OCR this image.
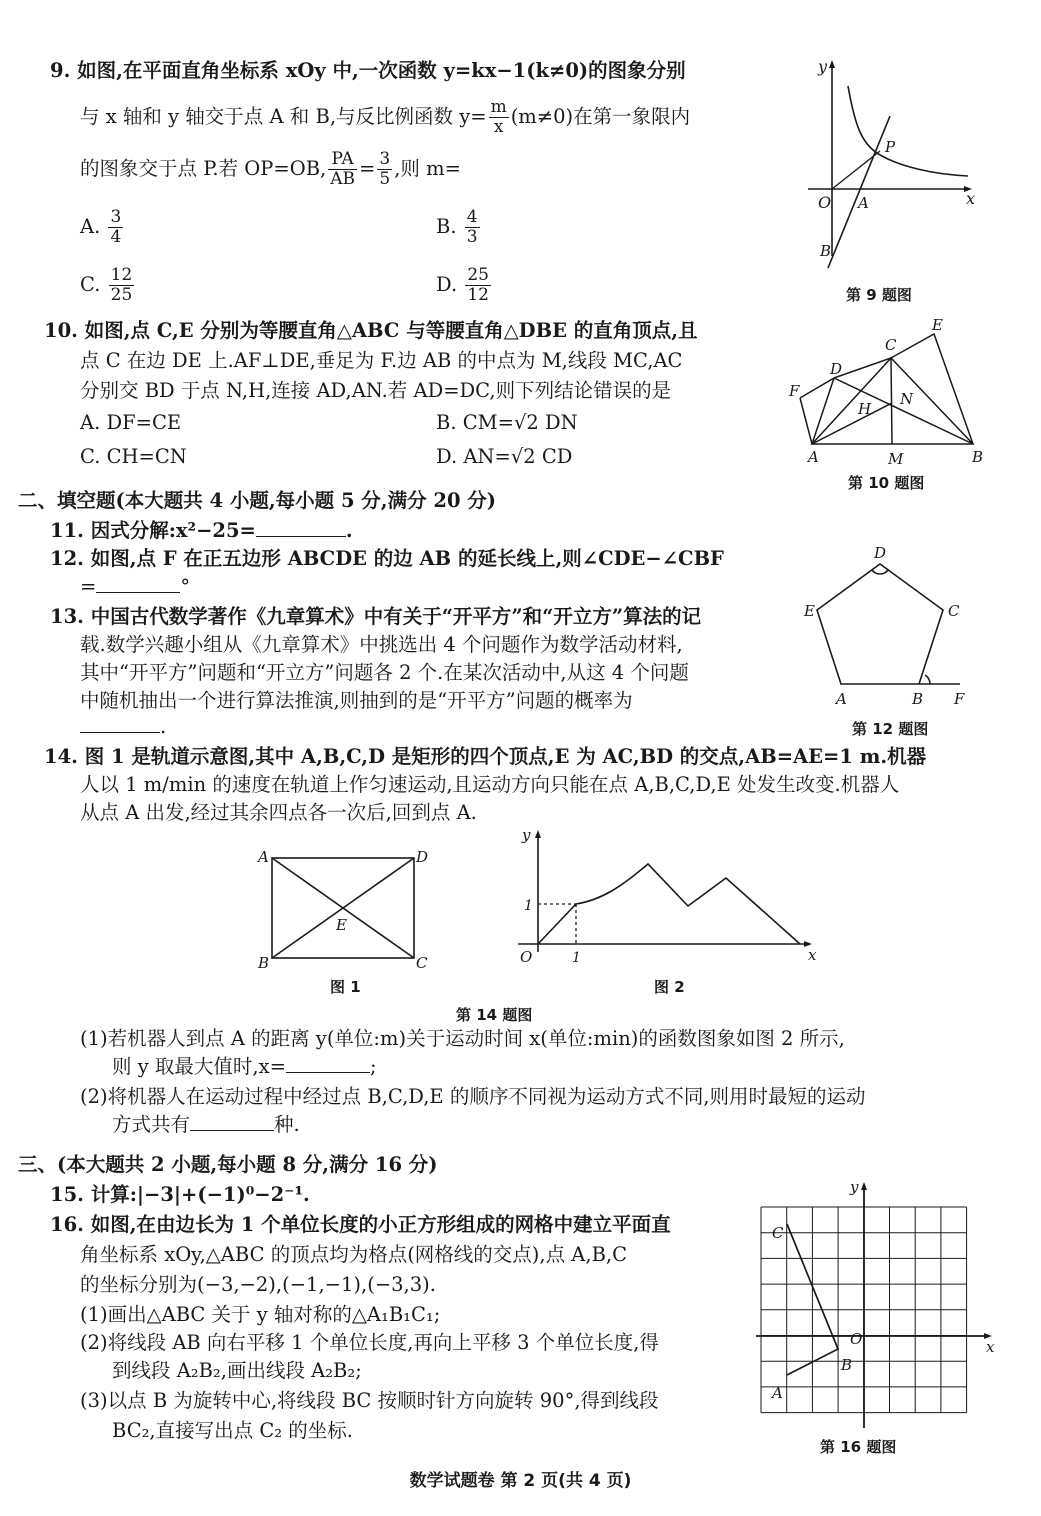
9. 如图,在平面直角坐标系 xOy 中,一次函数 y=kx−1(k≠0)的图象分别
与 x 轴和 y 轴交于点 A 和 B,与反比例函数 $y= \frac{m}{x} (m\ne 0)$在第一象限内
的图象交于点 P.若 OP=OB, $\frac{PA}{AB} = \frac{3}{5}$ ,则 m=
A. $\frac{3}{4}$	B. $\frac{4}{3}$
C. $\frac{12}{25}$	D. $\frac{25}{12}$
y
x
O A
B
P
第 9 题图
10. 如图,点 C,E 分别为等腰直角△ABC 与等腰直角△DBE 的直角顶点,且
点 C 在边 DE 上.AF⊥DE,垂足为 F.边 AB 的中点为 M,线段 MC,AC
分别交 BD 于点 N,H,连接 AD,AN.若 AD=DC,则下列结论错误的是
A. DF=CE	B. CM=√2 DN
C. CH=CN	D. AN=√2 CD	A	B
C
D
E
F
H
N
M
第 10 题图
二、填空题(本大题共 4 小题,每小题 5 分,满分 20 分)
11. 因式分解:x²−25=	.
12. 如图,点 F 在正五边形 ABCDE 的边 AB 的延长线上,则∠CDE−∠CBF
=	°
D
C
E
A	B F
第 12 题图
13. 中国古代数学著作《九章算术》中有关于“开平方”和“开立方”算法的记
载.数学兴趣小组从《九章算术》中挑选出 4 个问题作为数学活动材料,
其中“开平方”问题和“开立方”问题各 2 个.在某次活动中,从这 4 个问题
中随机抽出一个进行算法推演,则抽到的是“开平方”问题的概率为
.
14. 图 1 是轨道示意图,其中 A,B,C,D 是矩形的四个顶点,E 为 AC,BD 的交点,AB=AE=1 m.机器
人以 1 m/min 的速度在轨道上作匀速运动,且运动方向只能在点 A,B,C,D,E 处发生改变.机器人
从点 A 出发,经过其余四点各一次后,回到点 A.
A
B	C
D
E
图 1
y
x
O
1
1
图 2
第 14 题图
(1)若机器人到点 A 的距离 y(单位:m)关于运动时间 x(单位:min)的函数图象如图 2 所示,
则 y 取最大值时,x=	;
(2)将机器人在运动过程中经过点 B,C,D,E 的顺序不同视为运动方式不同,则用时最短的运动
方式共有	种.
三、(本大题共 2 小题,每小题 8 分,满分 16 分)
15. 计算:|−3|+(−1)⁰−2⁻¹.
16. 如图,在由边长为 1 个单位长度的小正方形组成的网格中建立平面直
角坐标系 xOy,△ABC 的顶点均为格点(网格线的交点),点 A,B,C
的坐标分别为(−3,−2),(−1,−1),(−3,3).
(1)画出△ABC 关于 y 轴对称的△A₁B₁C₁;
(2)将线段 AB 向右平移 1 个单位长度,再向上平移 3 个单位长度,得
到线段 A₂B₂,画出线段 A₂B₂;
(3)以点 B 为旋转中心,将线段 BC 按顺时针方向旋转 90°,得到线段
BC₂,直接写出点 C₂ 的坐标.
y
x
O
A
B
C
第 16 题图
数学试题卷 第 2 页(共 4 页)
